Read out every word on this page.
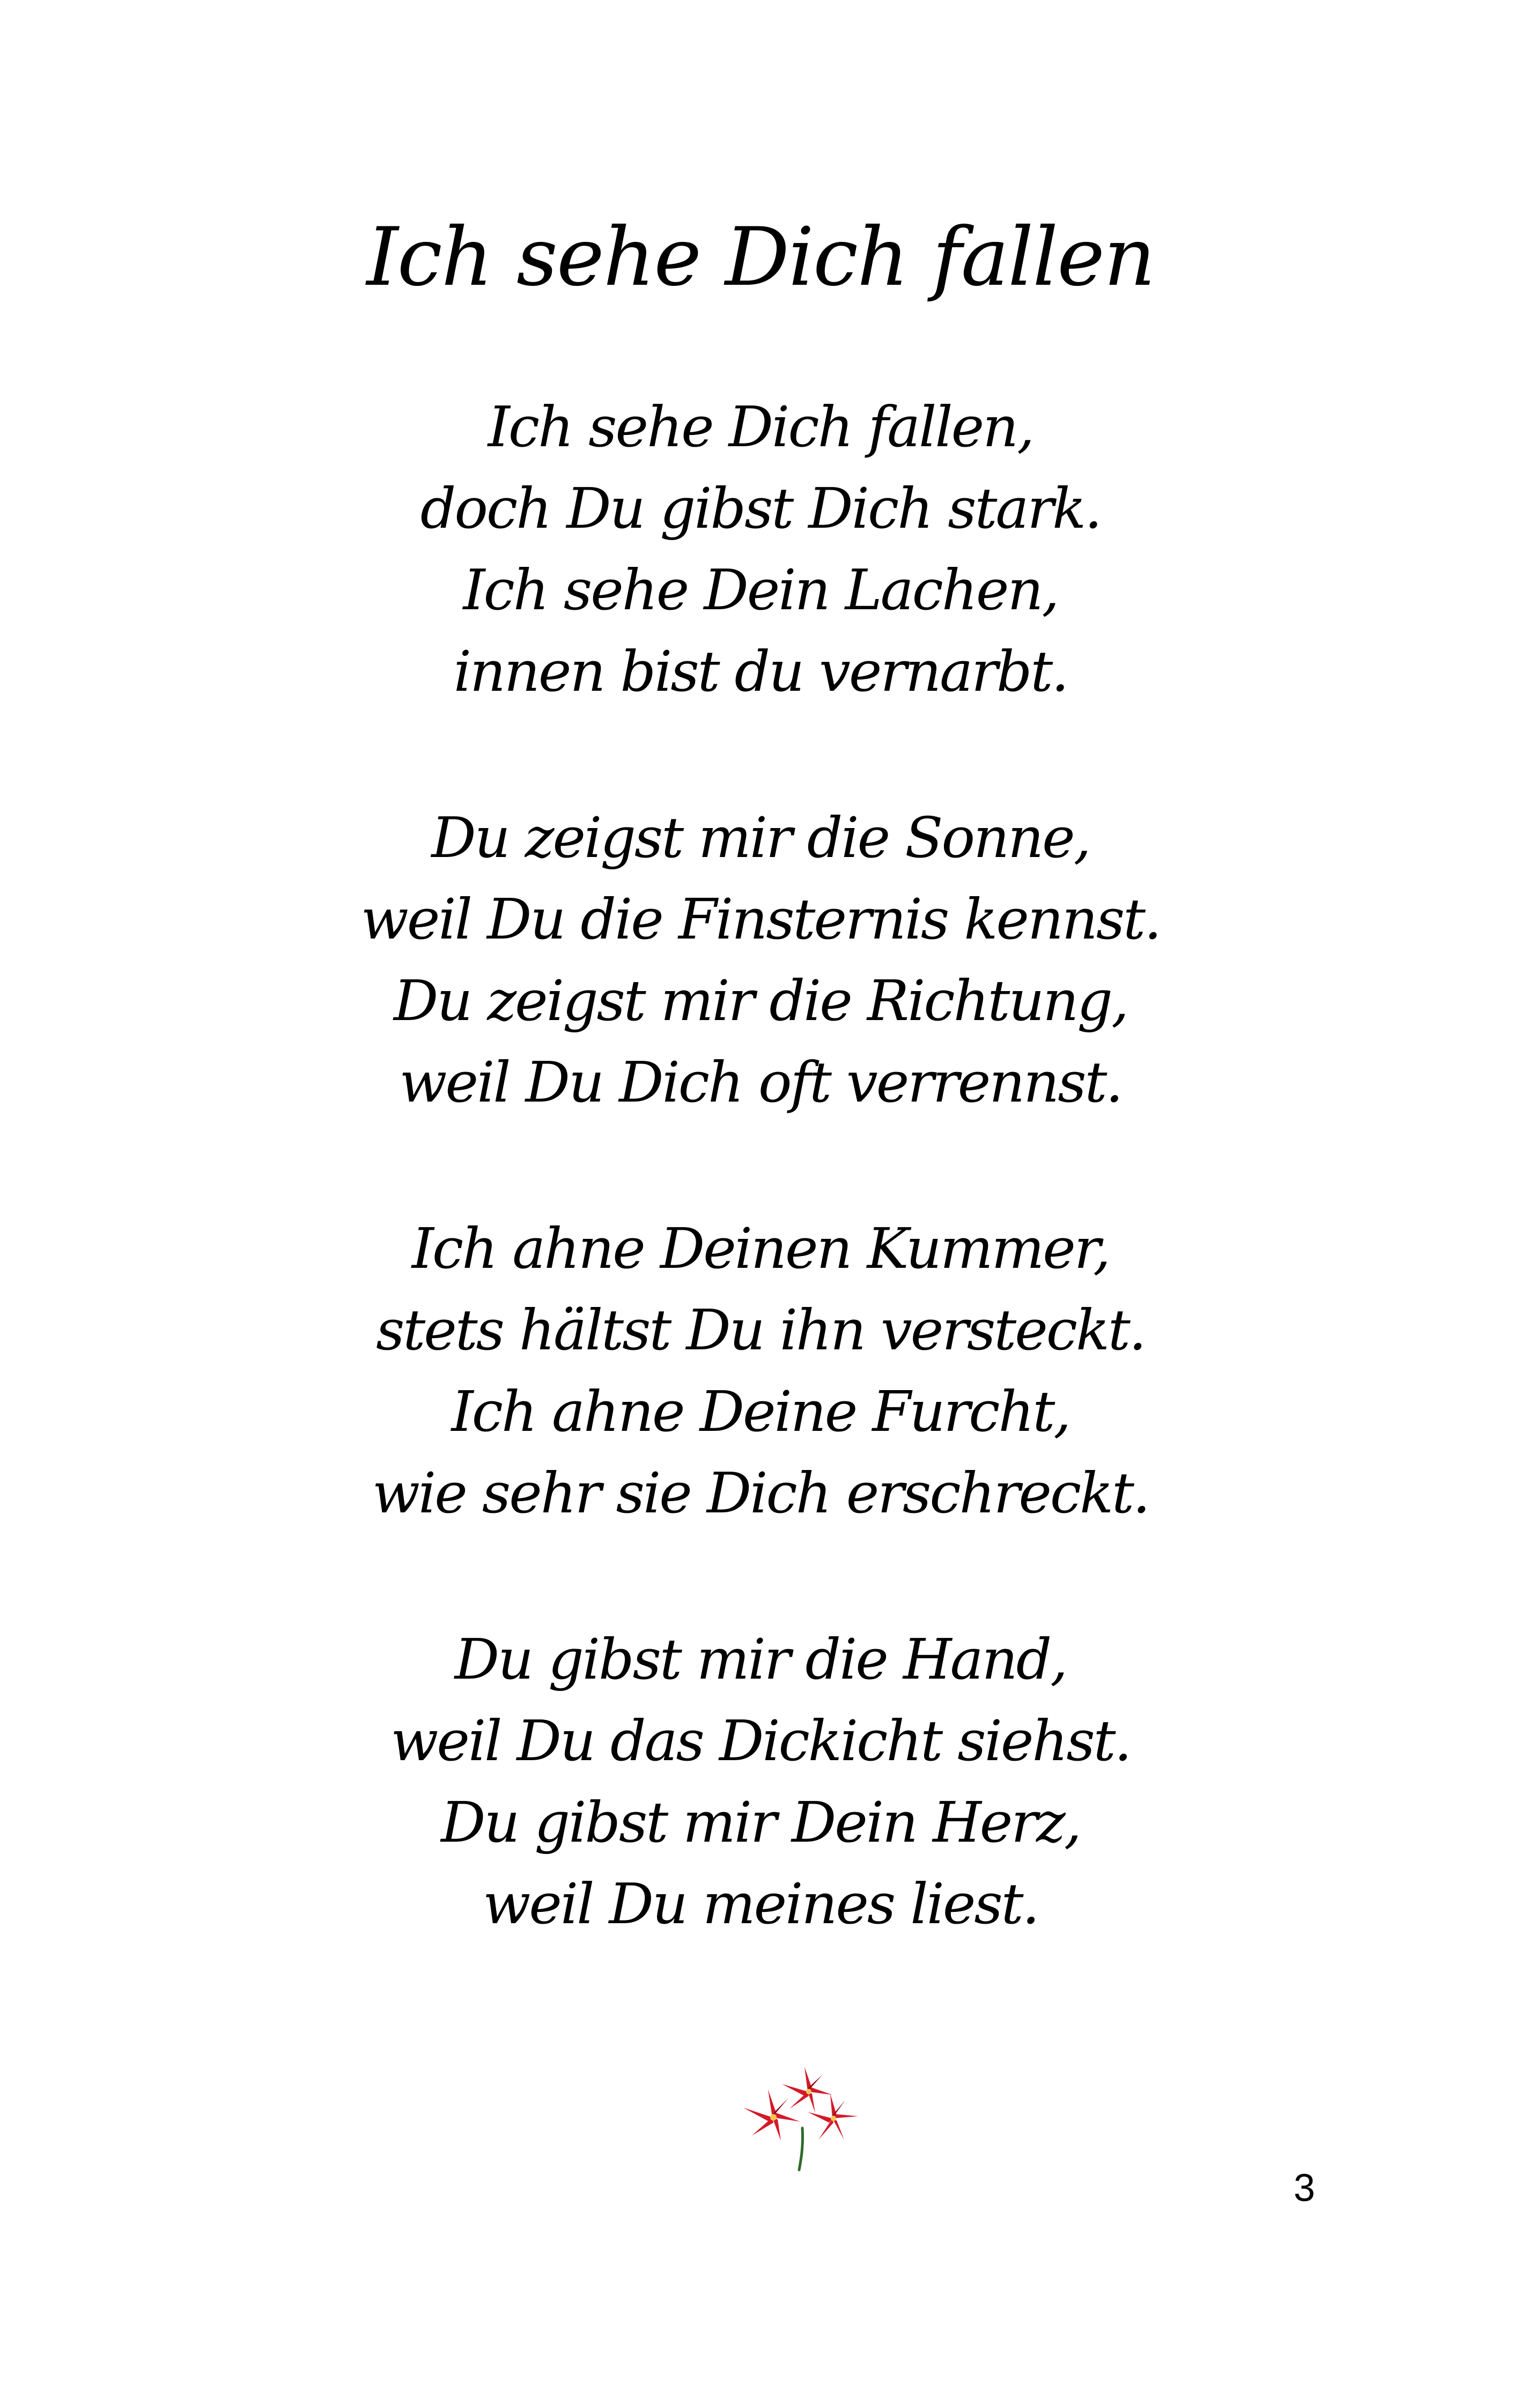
Ich sehe Dich fallen
Ich sehe Dich fallen,
doch Du gibst Dich stark.
Ich sehe Dein Lachen,
innen bist du vernarbt.
Du zeigst mir die Sonne,
weil Du die Finsternis kennst.
Du zeigst mir die Richtung,
weil Du Dich oft verrennst.
Ich ahne Deinen Kummer,
stets hältst Du ihn versteckt.
Ich ahne Deine Furcht,
wie sehr sie Dich erschreckt.
Du gibst mir die Hand,
weil Du das Dickicht siehst.
Du gibst mir Dein Herz,
weil Du meines liest.
3
